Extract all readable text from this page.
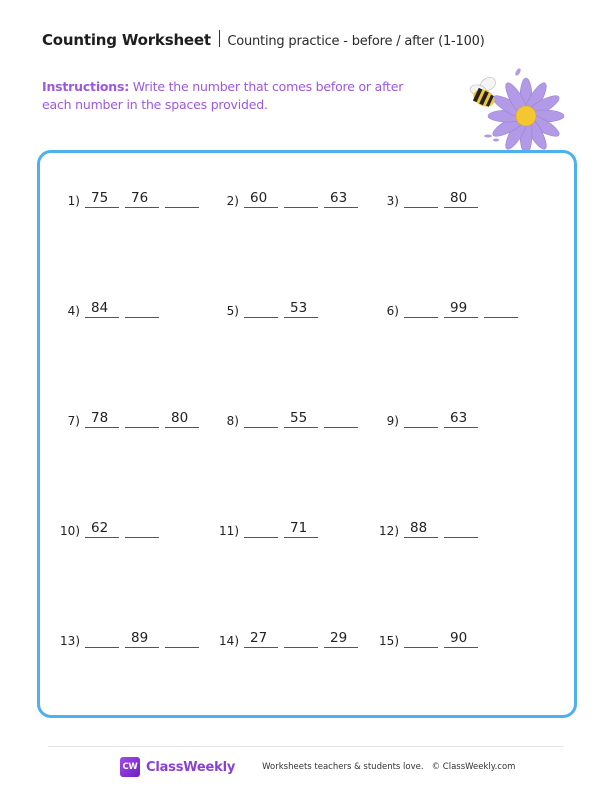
Counting Worksheet Counting practice - before / after (1-100)
Instructions: Write the number that comes before or after each number in the spaces provided.
1) 75 76	2) 60	63	3)	80
4) 84	5)	53	6)	99
7) 78	80	8)	55	9)	63
10) 62	11)	71	12) 88
13)	89	14) 27	29	15)	90
CW ClassWeekly	Worksheets teachers & students love. © ClassWeekly.com
